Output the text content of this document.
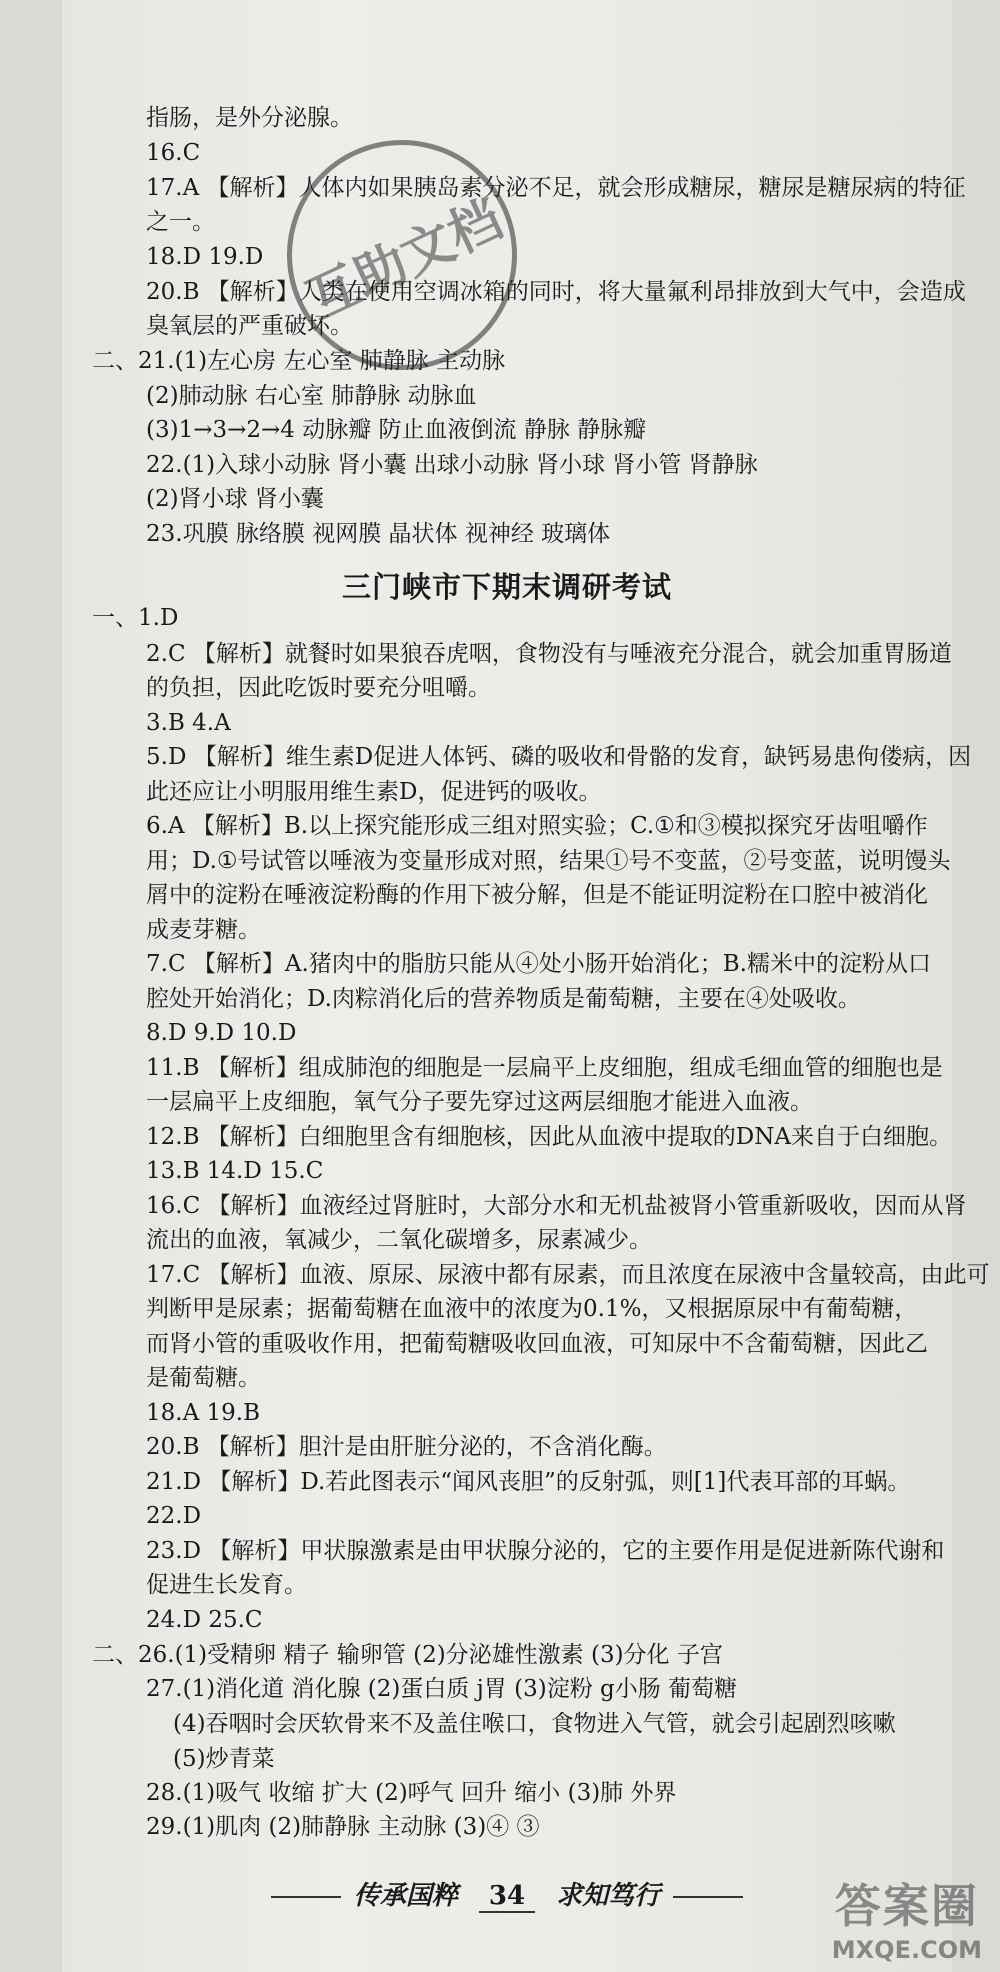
指肠，是外分泌腺。
16.C
17.A 【解析】人体内如果胰岛素分泌不足，就会形成糖尿，糖尿是糖尿病的特征
之一。
18.D 19.D
20.B 【解析】人类在使用空调冰箱的同时，将大量氟利昂排放到大气中，会造成
臭氧层的严重破坏。
二、21.(1)左心房 左心室 肺静脉 主动脉
(2)肺动脉 右心室 肺静脉 动脉血
(3)1→3→2→4 动脉瓣 防止血液倒流 静脉 静脉瓣
22.(1)入球小动脉 肾小囊 出球小动脉 肾小球 肾小管 肾静脉
(2)肾小球 肾小囊
23.巩膜 脉络膜 视网膜 晶状体 视神经 玻璃体
一、1.D
2.C 【解析】就餐时如果狼吞虎咽，食物没有与唾液充分混合，就会加重胃肠道
的负担，因此吃饭时要充分咀嚼。
3.B 4.A
5.D 【解析】维生素D促进人体钙、磷的吸收和骨骼的发育，缺钙易患佝偻病，因
此还应让小明服用维生素D，促进钙的吸收。
6.A 【解析】B.以上探究能形成三组对照实验；C.①和③模拟探究牙齿咀嚼作
用；D.①号试管以唾液为变量形成对照，结果①号不变蓝，②号变蓝，说明馒头
屑中的淀粉在唾液淀粉酶的作用下被分解，但是不能证明淀粉在口腔中被消化
成麦芽糖。
7.C 【解析】A.猪肉中的脂肪只能从④处小肠开始消化；B.糯米中的淀粉从口
腔处开始消化；D.肉粽消化后的营养物质是葡萄糖，主要在④处吸收。
8.D 9.D 10.D
11.B 【解析】组成肺泡的细胞是一层扁平上皮细胞，组成毛细血管的细胞也是
一层扁平上皮细胞，氧气分子要先穿过这两层细胞才能进入血液。
12.B 【解析】白细胞里含有细胞核，因此从血液中提取的DNA来自于白细胞。
13.B 14.D 15.C
16.C 【解析】血液经过肾脏时，大部分水和无机盐被肾小管重新吸收，因而从肾
流出的血液，氧减少，二氧化碳增多，尿素减少。
17.C 【解析】血液、原尿、尿液中都有尿素，而且浓度在尿液中含量较高，由此可
判断甲是尿素；据葡萄糖在血液中的浓度为0.1%，又根据原尿中有葡萄糖，
而肾小管的重吸收作用，把葡萄糖吸收回血液，可知尿中不含葡萄糖，因此乙
是葡萄糖。
18.A 19.B
20.B 【解析】胆汁是由肝脏分泌的，不含消化酶。
21.D 【解析】D.若此图表示“闻风丧胆”的反射弧，则[1]代表耳部的耳蜗。
22.D
23.D 【解析】甲状腺激素是由甲状腺分泌的，它的主要作用是促进新陈代谢和
促进生长发育。
24.D 25.C
二、26.(1)受精卵 精子 输卵管 (2)分泌雄性激素 (3)分化 子宫
27.(1)消化道 消化腺 (2)蛋白质 j胃 (3)淀粉 g小肠 葡萄糖
(4)吞咽时会厌软骨来不及盖住喉口，食物进入气管，就会引起剧烈咳嗽
(5)炒青菜
28.(1)吸气 收缩 扩大 (2)呼气 回升 缩小 (3)肺 外界
29.(1)肌肉 (2)肺静脉 主动脉 (3)④ ③
三门峡市下期末调研考试
互助文档
传承国粹 34 求知笃行	答案圈
MXQE.COM
